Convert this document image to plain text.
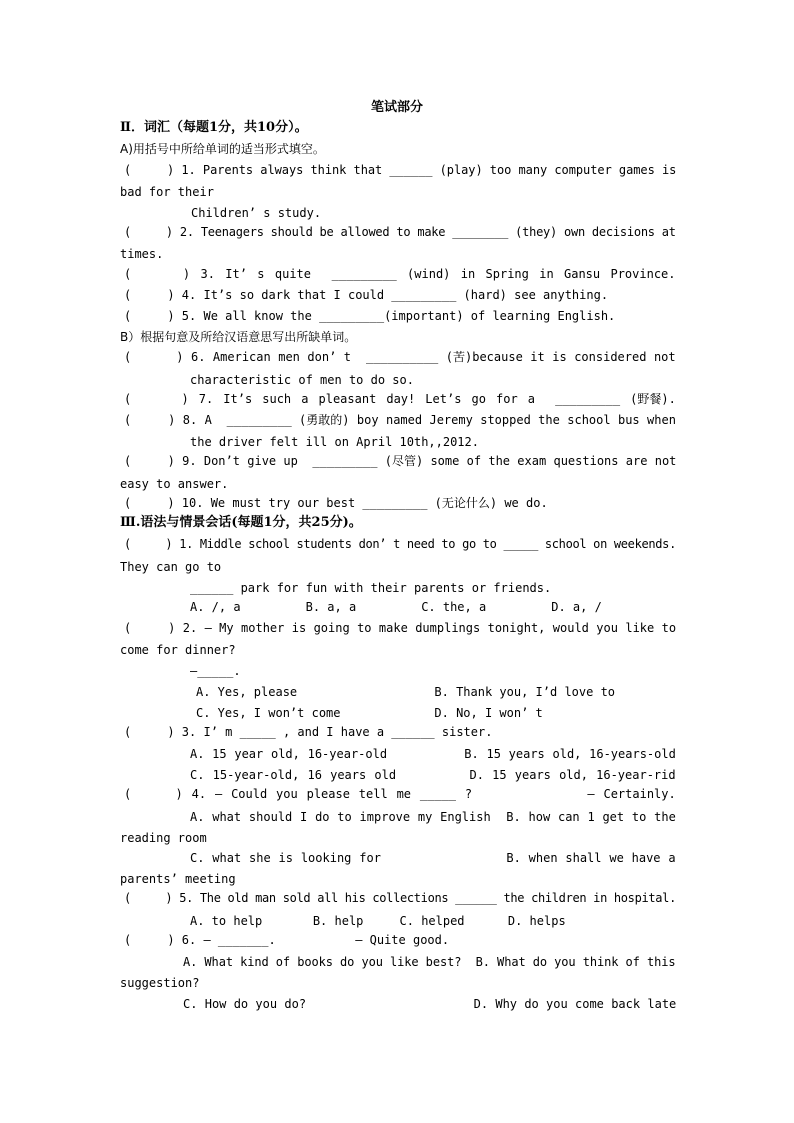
笔试部分
Ⅱ．词汇（每题1分，共10分）。
A)用括号中所给单词的适当形式填空。
(     ) 1. Parents always think that ______ (play) too many computer games is
bad for their
Children’ s study.
(     ) 2. Teenagers should be allowed to make ________ (they) own decisions at
times.
(     ) 3. It’ s quite  _________ (wind) in Spring in Gansu Province.
(     ) 4. It’s so dark that I could _________ (hard) see anything.
(     ) 5. We all know the _________(important) of learning English.
B）根据句意及所给汉语意思写出所缺单词。
(      ) 6. American men don’ t  __________ (苦)because it is considered not
characteristic of men to do so.
(     ) 7. It’s such a pleasant day! Let’s go for a  _________ (野餐).
(     ) 8. A  _________ (勇敢的) boy named Jeremy stopped the school bus when
the driver felt ill on April 10th,,2012.
(     ) 9. Don’t give up  _________ (尽管) some of the exam questions are not
easy to answer.
(     ) 10. We must try our best _________ (无论什么) we do.
Ⅲ.语法与情景会话(每题1分，共25分)。
(     ) 1. Middle school students don’ t need to go to _____ school on weekends.
They can go to
______ park for fun with their parents or friends.
A. /, a         B. a, a         C. the, a         D. a, /
(     ) 2. — My mother is going to make dumplings tonight, would you like to
come for dinner?
—_____.
A. Yes, please                   B. Thank you, I’d love to
C. Yes, I won’t come             D. No, I won’ t
(     ) 3. I’ m _____ , and I have a ______ sister.
A. 15 year old, 16-year-old          B. 15 years old, 16-years-old
C. 15-year-old, 16 years old         D. 15 years old, 16-year-rid
(     ) 4. — Could you please tell me _____ ?             — Certainly.
A. what should I do to improve my English  B. how can 1 get to the
reading room
C. what she is looking for                B. when shall we have a
parents’ meeting
(     ) 5. The old man sold all his collections ______ the children in hospital.
A. to help       B. help     C. helped      D. helps
(     ) 6. — _______.           — Quite good.
A. What kind of books do you like best?  B. What do you think of this
suggestion?
C. How do you do?                       D. Why do you come back late
